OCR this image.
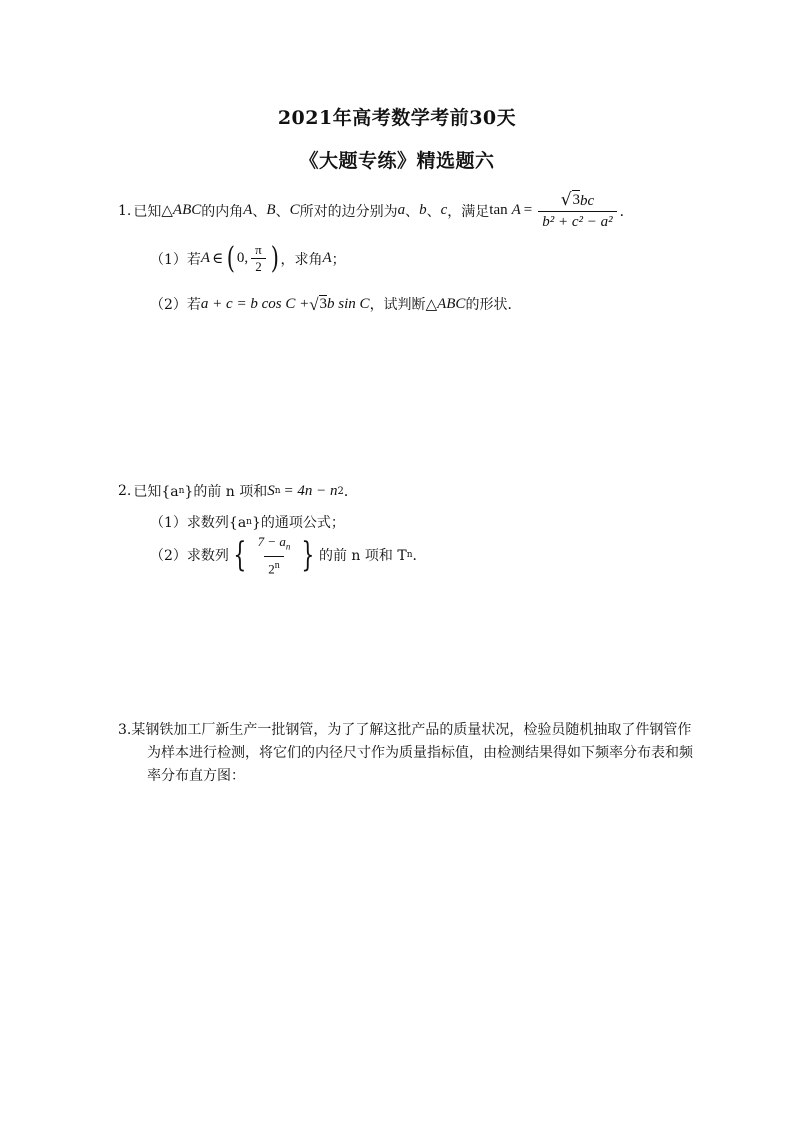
2021年高考数学考前30天
《大题专练》精选题六
1. 已知 △ ABC 的内角 A 、 B 、 C 所对的边分别为 a 、 b 、 c ，满足 $\tan A = \frac{√ 3 bc}{\text{b² + c² − a²}}$ ．
（1）若 A ∈ ( 0, $\frac{\pi}{2}$ ) ，求角 A ；
（2）若 a + c = b cos C + √ 3 b sin C ，试判断 △ ABC 的形状．
2. 已知{a n }的前 n 项和 S n = 4n − n 2 ．
（1）求数列{a n }的通项公式；
（2）求数列 { $\frac{7 - a_n}{2^n}$ } 的前 n 项和 T n ．
3.某钢铁加工厂新生产一批钢管，为了了解这批产品的质量状况，检验员随机抽取了件钢管作
为样本进行检测，将它们的内径尺寸作为质量指标值，由检测结果得如下频率分布表和频
率分布直方图：
